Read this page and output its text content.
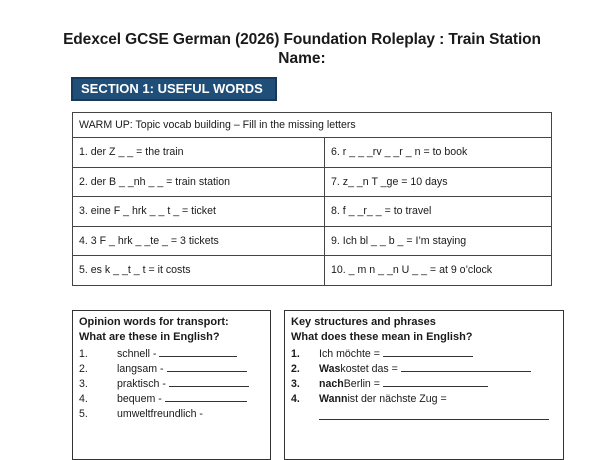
Edexcel GCSE German (2026) Foundation Roleplay : Train Station
Name:
SECTION 1: USEFUL WORDS
WARM UP: Topic vocab building – Fill in the missing letters	
1. der Z _ _ = the train	6. r _ _ _rv _ _r _ n = to book
2. der B _ _nh _ _ = train station	7. z_ _n T _ge = 10 days
3. eine F _ hrk _ _ t _ = ticket	8. f _ _r_ _ = to travel
4. 3 F _ hrk _ _te _ = 3 tickets	9. Ich bl _ _ b _ = I’m staying
5. es k _ _t _ t = it costs	10. _ m n _ _n U _ _ = at 9 o’clock
Opinion words for transport:
What are these in English?
1.	schnell -
2.	langsam -
3.	praktisch -
4.	bequem -
5.	umweltfreundlich -
Key structures and phrases
What does these mean in English?
1.	Ich möchte =
2.	Was kostet das =
3.	nach Berlin =
4.	Wann ist der nächste Zug =
